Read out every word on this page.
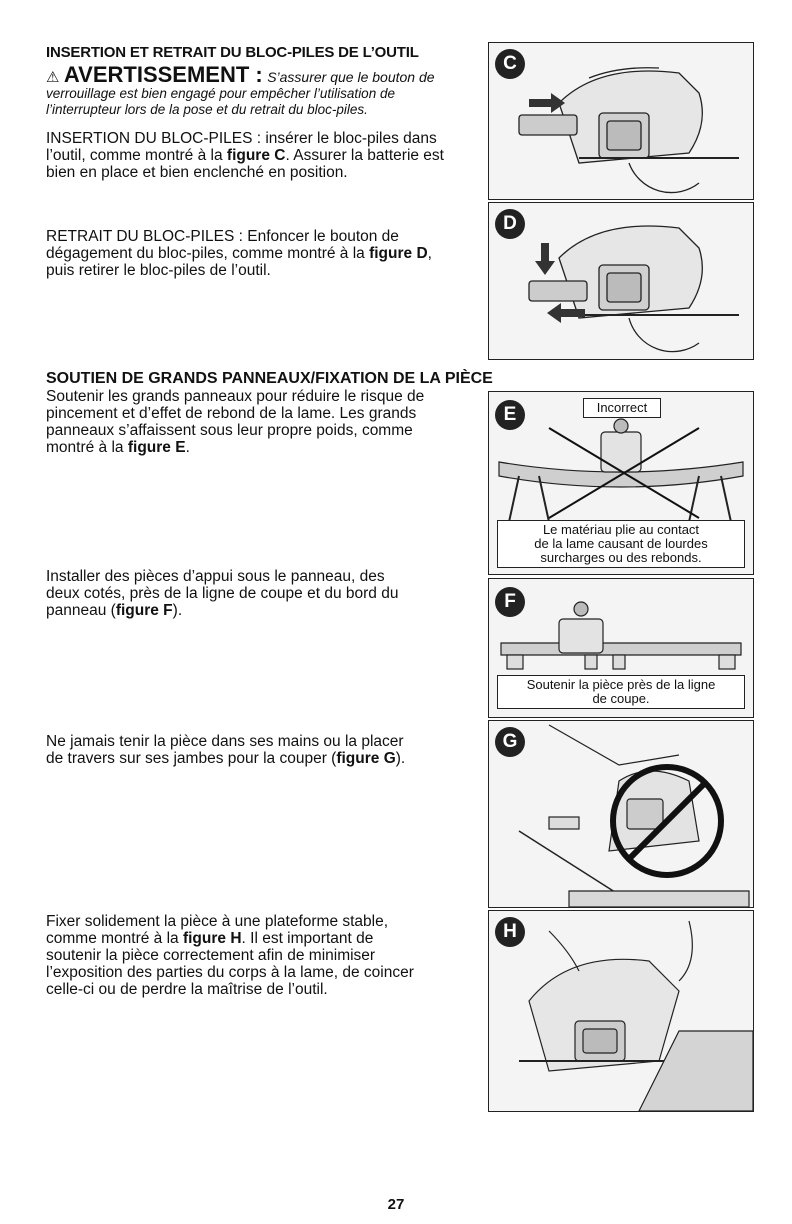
INSERTION ET RETRAIT DU BLOC-PILES DE L’OUTIL
⚠ AVERTISSEMENT : S’assurer que le bouton de
verrouillage est bien engagé pour empêcher l’utilisation de
l’interrupteur lors de la pose et du retrait du bloc-piles.
INSERTION DU BLOC-PILES : insérer le bloc-piles dans
l’outil, comme montré à la figure C. Assurer la batterie est
bien en place et bien enclenché en position.
RETRAIT DU BLOC-PILES : Enfoncer le bouton de
dégagement du bloc-piles, comme montré à la figure D,
puis retirer le bloc-piles de l’outil.
SOUTIEN DE GRANDS PANNEAUX/FIXATION DE LA PIÈCE
Soutenir les grands panneaux pour réduire le risque de
pincement et d’effet de rebond de la lame. Les grands
panneaux s’affaissent sous leur propre poids, comme
montré à la figure E.
Installer des pièces d’appui sous le panneau, des
deux cotés, près de la ligne de coupe et du bord du
panneau (figure F).
Ne jamais tenir la pièce dans ses mains ou la placer
de travers sur ses jambes pour la couper (figure G).
Fixer solidement la pièce à une plateforme stable,
comme montré à la figure H. Il est important de
soutenir la pièce correctement afin de minimiser
l’exposition des parties du corps à la lame, de coincer
celle-ci ou de perdre la maîtrise de l’outil.
C
D
Incorrect
E
Le matériau plie au contact
de la lame causant de lourdes
surcharges ou des rebonds.
F
Soutenir la pièce près de la ligne
de coupe.
G
H
27
